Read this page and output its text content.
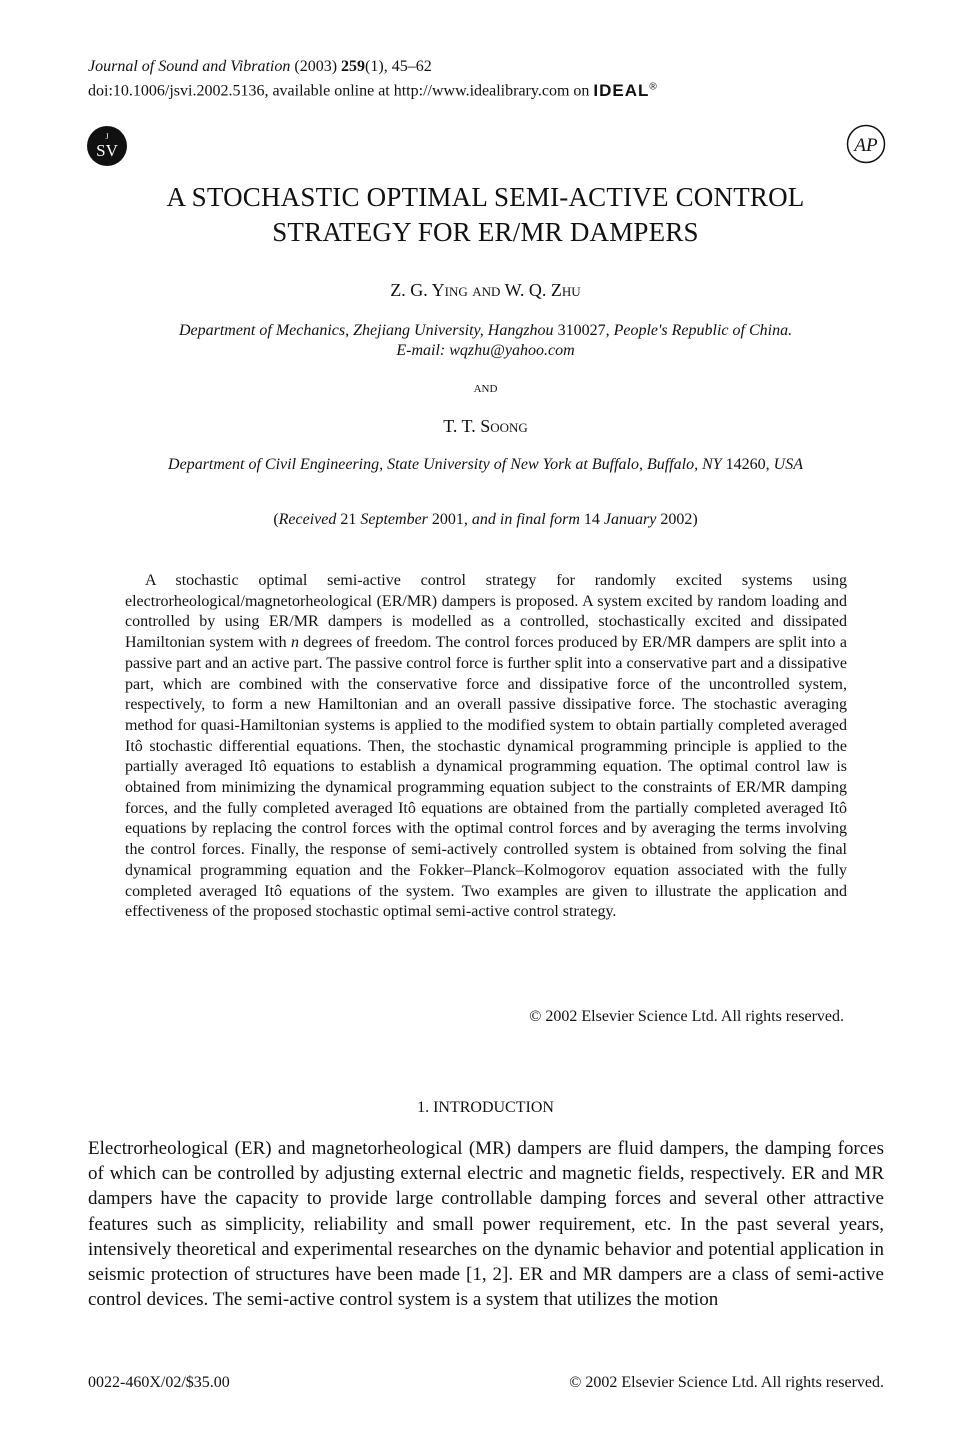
Journal of Sound and Vibration (2003) 259(1), 45–62
doi:10.1006/jsvi.2002.5136, available online at http://www.idealibrary.com on IDEAL®
J
SV	AP
A STOCHASTIC OPTIMAL SEMI-ACTIVE CONTROL
STRATEGY FOR ER/MR DAMPERS
Z. G. Ying and W. Q. Zhu
Department of Mechanics, Zhejiang University, Hangzhou 310027, People's Republic of China.
E-mail: wqzhu@yahoo.com
and
T. T. Soong
Department of Civil Engineering, State University of New York at Buffalo, Buffalo, NY 14260, USA
(Received 21 September 2001, and in final form 14 January 2002)
A stochastic optimal semi-active control strategy for randomly excited systems using electrorheological/magnetorheological (ER/MR) dampers is proposed. A system excited by random loading and controlled by using ER/MR dampers is modelled as a controlled, stochastically excited and dissipated Hamiltonian system with n degrees of freedom. The control forces produced by ER/MR dampers are split into a passive part and an active part. The passive control force is further split into a conservative part and a dissipative part, which are combined with the conservative force and dissipative force of the uncontrolled system, respectively, to form a new Hamiltonian and an overall passive dissipative force. The stochastic averaging method for quasi-Hamiltonian systems is applied to the modified system to obtain partially completed averaged Itô stochastic differential equations. Then, the stochastic dynamical programming principle is applied to the partially averaged Itô equations to establish a dynamical programming equation. The optimal control law is obtained from minimizing the dynamical programming equation subject to the constraints of ER/MR damping forces, and the fully completed averaged Itô equations are obtained from the partially completed averaged Itô equations by replacing the control forces with the optimal control forces and by averaging the terms involving the control forces. Finally, the response of semi-actively controlled system is obtained from solving the final dynamical programming equation and the Fokker–Planck–Kolmogorov equation associated with the fully completed averaged Itô equations of the system. Two examples are given to illustrate the application and effectiveness of the proposed stochastic optimal semi-active control strategy.
© 2002 Elsevier Science Ltd. All rights reserved.
1. INTRODUCTION
Electrorheological (ER) and magnetorheological (MR) dampers are fluid dampers, the damping forces of which can be controlled by adjusting external electric and magnetic fields, respectively. ER and MR dampers have the capacity to provide large controllable damping forces and several other attractive features such as simplicity, reliability and small power requirement, etc. In the past several years, intensively theoretical and experimental researches on the dynamic behavior and potential application in seismic protection of structures have been made [1, 2]. ER and MR dampers are a class of semi-active control devices. The semi-active control system is a system that utilizes the motion
0022-460X/02/$35.00	© 2002 Elsevier Science Ltd. All rights reserved.
